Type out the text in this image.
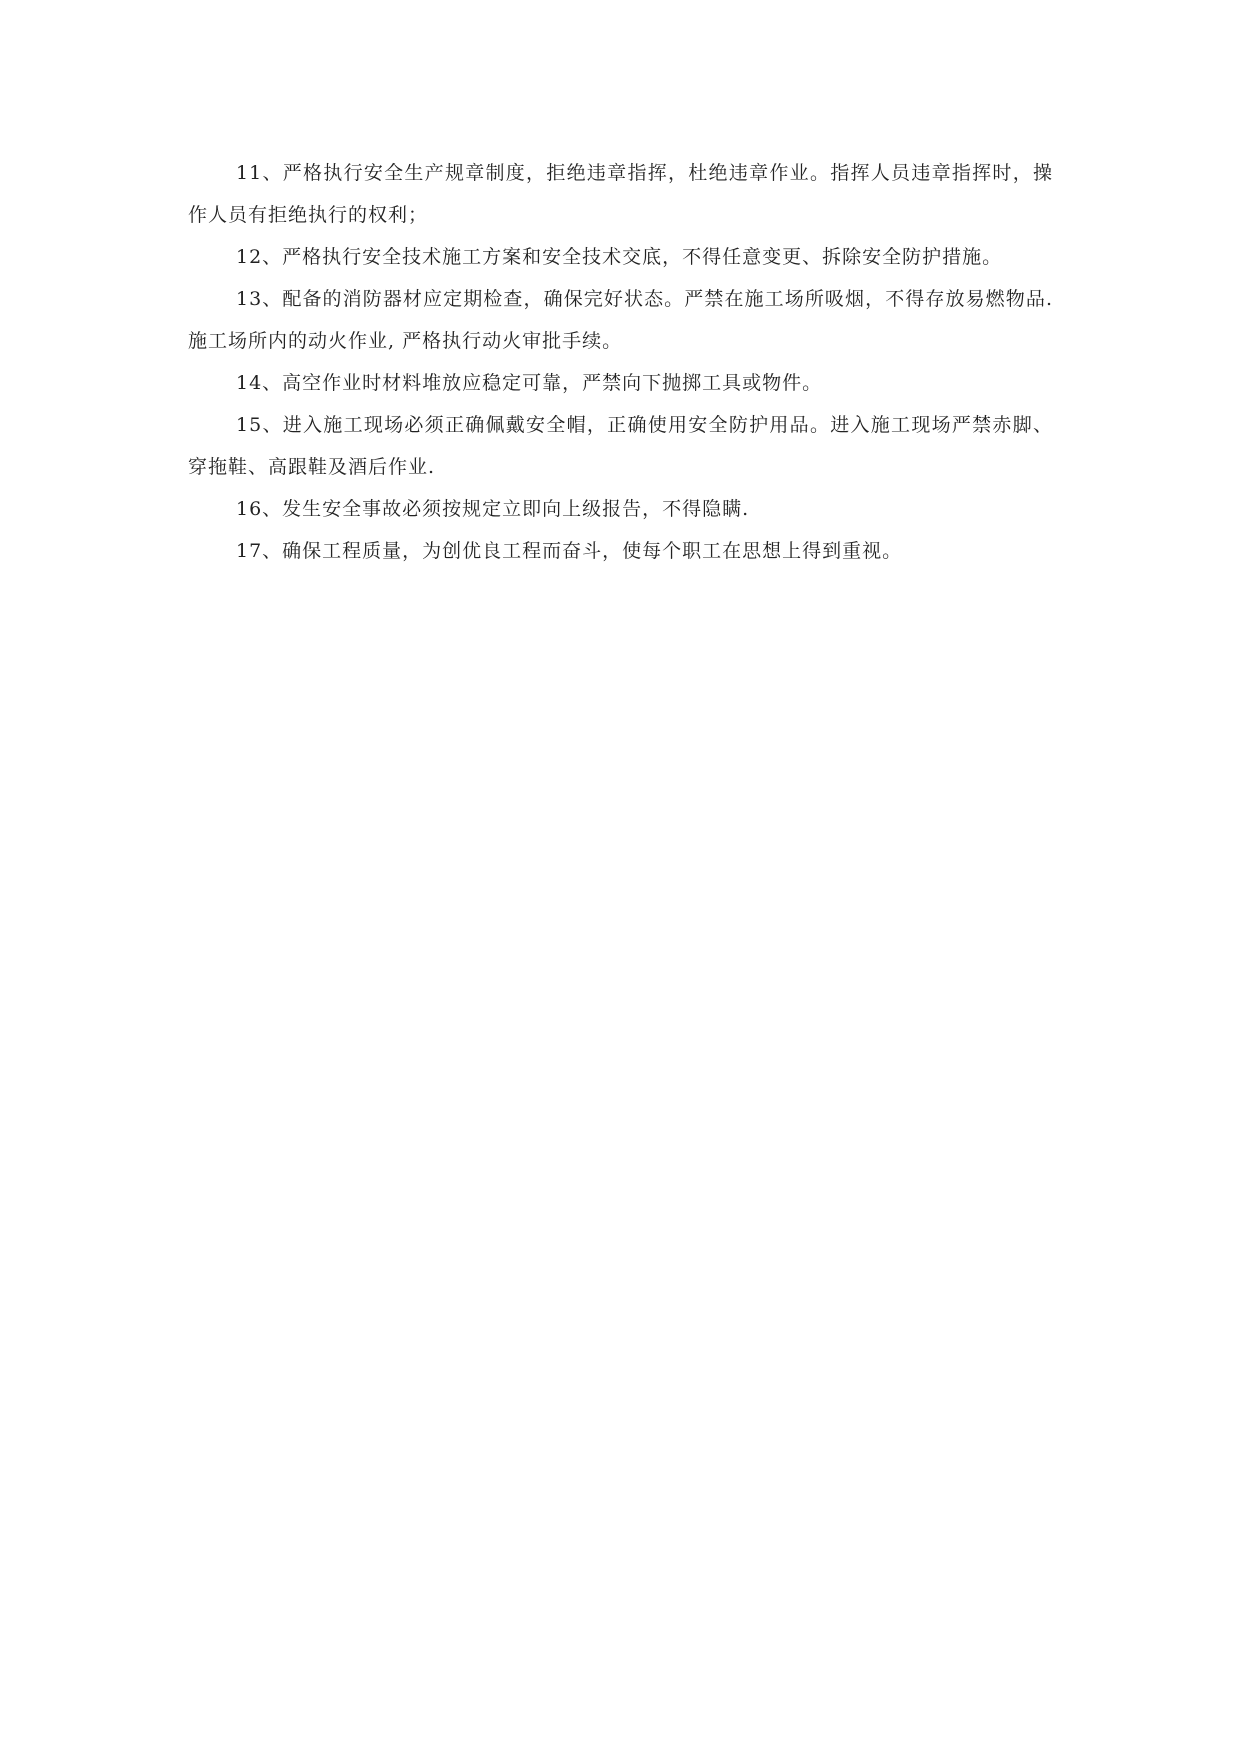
11、严格执行安全生产规章制度，拒绝违章指挥，杜绝违章作业。指挥人员违章指挥时，操作人员有拒绝执行的权利；

12、严格执行安全技术施工方案和安全技术交底，不得任意变更、拆除安全防护措施。

13、配备的消防器材应定期检查，确保完好状态。严禁在施工场所吸烟，不得存放易燃物品. 施工场所内的动火作业, 严格执行动火审批手续。

14、高空作业时材料堆放应稳定可靠，严禁向下抛掷工具或物件。

15、进入施工现场必须正确佩戴安全帽，正确使用安全防护用品。进入施工现场严禁赤脚、穿拖鞋、高跟鞋及酒后作业.

16、发生安全事故必须按规定立即向上级报告，不得隐瞒.

17、确保工程质量，为创优良工程而奋斗，使每个职工在思想上得到重视。
